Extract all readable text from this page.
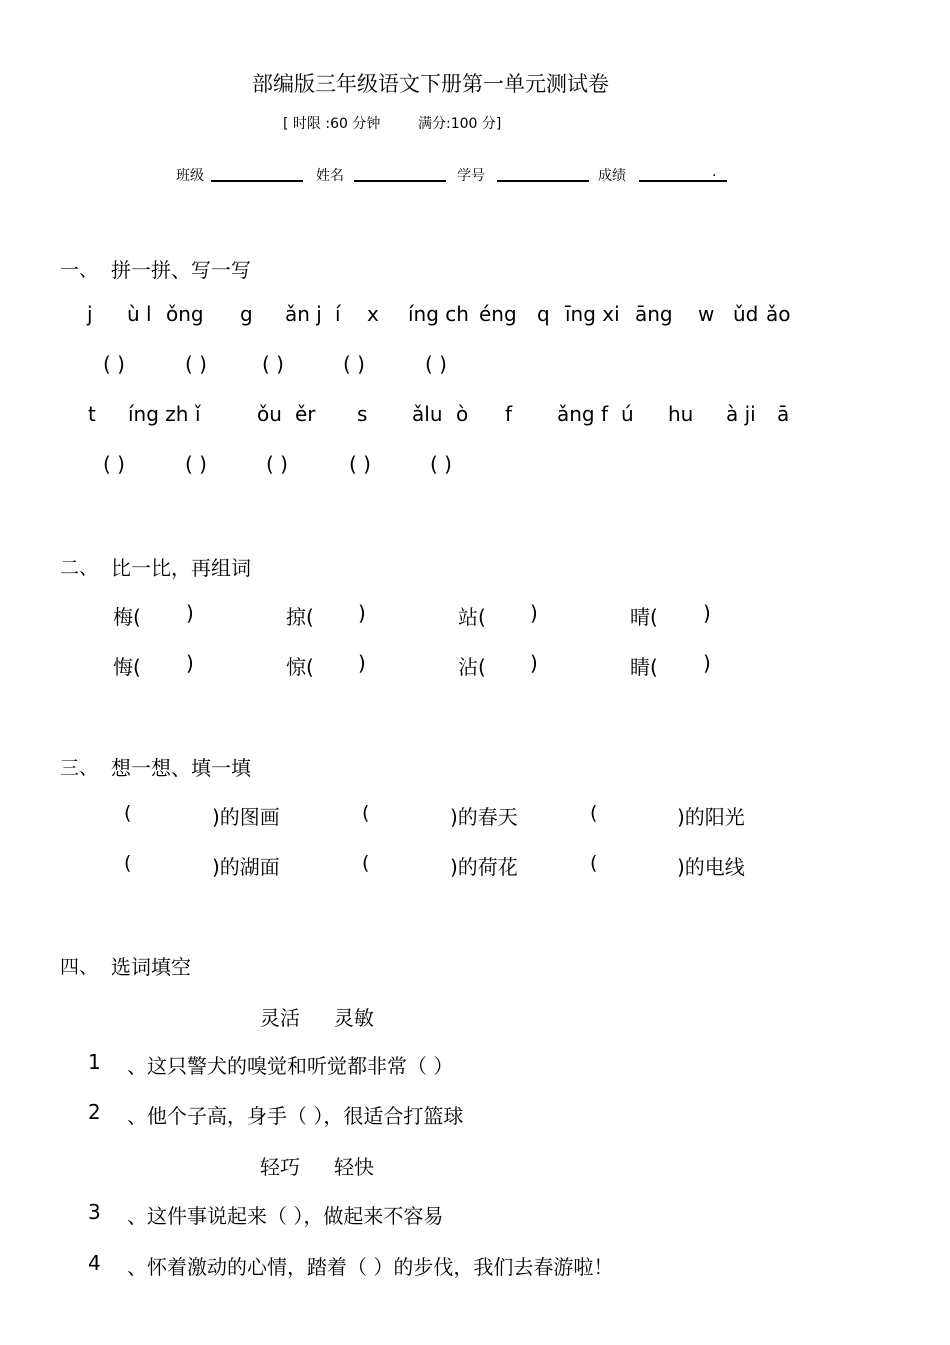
部编版三年级语文下册第一单元测试卷
[ 时限 :60 分钟	满分:100 分]
班级	姓名	学号	成绩	.
一、 拼一拼、写一写
j ù l ǒng g ǎn j í x íng ch éng q īng xi āng w ǔd ǎo
( )	( )	( )	( )	( )
t íng zh ǐ	ǒu ěr s ǎlu ò f ǎng f ú hu à ji ā
( )	( )	( )	( )	( )
二、 比一比，再组词
梅( )	掠( )	站( )	晴( )
悔( )	惊( )	沾( )	睛( )
三、 想一想、填一填
(	)的图画	(	)的春天	(	)的阳光
(	)的湖面	(	)的荷花	(	)的电线
四、 选词填空
灵活 灵敏
1 、这只警犬的嗅觉和听觉都非常（ ）
2 、他个子高，身手（ ），很适合打篮球
轻巧 轻快
3 、这件事说起来（ ），做起来不容易
4 、怀着激动的心情，踏着（ ）的步伐，我们去春游啦！
